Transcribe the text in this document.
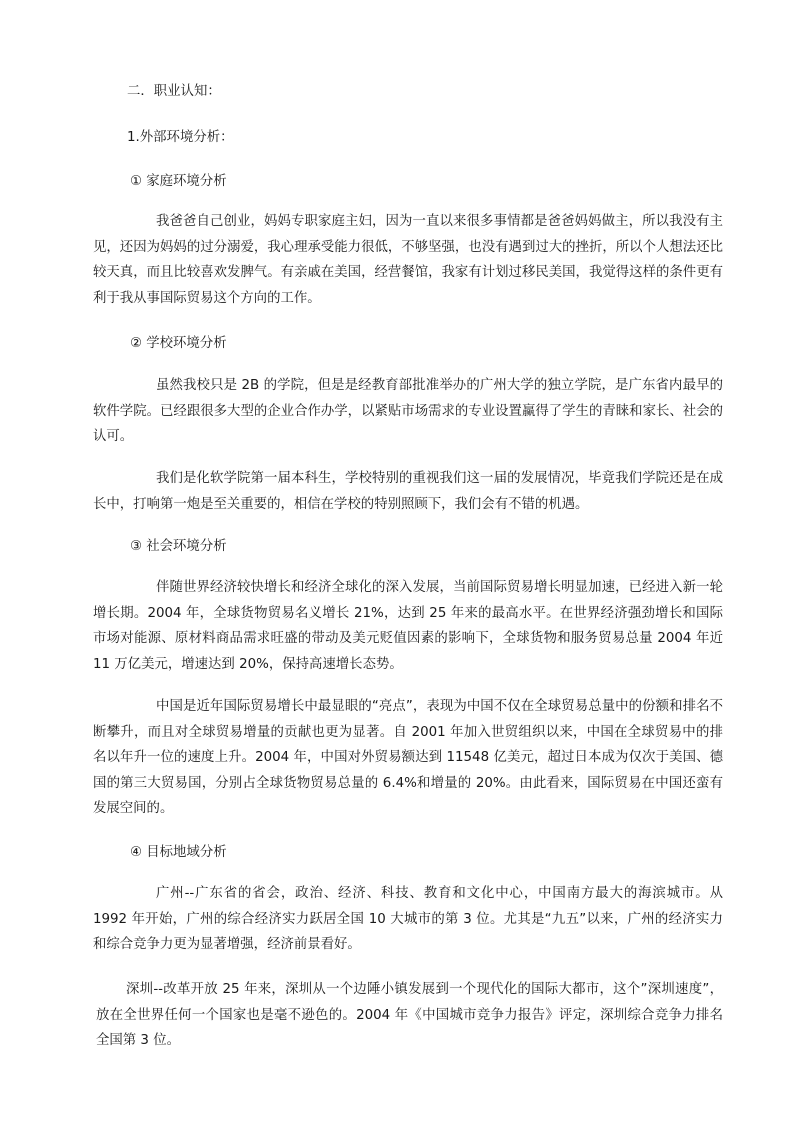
二．职业认知：

1.外部环境分析：

① 家庭环境分析

我爸爸自己创业，妈妈专职家庭主妇，因为一直以来很多事情都是爸爸妈妈做主，所以我没有主见，还因为妈妈的过分溺爱，我心理承受能力很低，不够坚强，也没有遇到过大的挫折，所以个人想法还比较天真，而且比较喜欢发脾气。有亲戚在美国，经营餐馆，我家有计划过移民美国，我觉得这样的条件更有利于我从事国际贸易这个方向的工作。

② 学校环境分析

虽然我校只是 2B 的学院，但是是经教育部批准举办的广州大学的独立学院，是广东省内最早的软件学院。已经跟很多大型的企业合作办学，以紧贴市场需求的专业设置赢得了学生的青睐和家长、社会的认可。

我们是化软学院第一届本科生，学校特别的重视我们这一届的发展情况，毕竟我们学院还是在成长中，打响第一炮是至关重要的，相信在学校的特别照顾下，我们会有不错的机遇。

③ 社会环境分析

伴随世界经济较快增长和经济全球化的深入发展，当前国际贸易增长明显加速，已经进入新一轮增长期。2004 年，全球货物贸易名义增长 21%，达到 25 年来的最高水平。在世界经济强劲增长和国际市场对能源、原材料商品需求旺盛的带动及美元贬值因素的影响下，全球货物和服务贸易总量 2004 年近 11 万亿美元，增速达到 20%，保持高速增长态势。

中国是近年国际贸易增长中最显眼的“亮点”，表现为中国不仅在全球贸易总量中的份额和排名不断攀升，而且对全球贸易增量的贡献也更为显著。自 2001 年加入世贸组织以来，中国在全球贸易中的排名以年升一位的速度上升。2004 年，中国对外贸易额达到 11548 亿美元，超过日本成为仅次于美国、德国的第三大贸易国，分别占全球货物贸易总量的 6.4%和增量的 20%。由此看来，国际贸易在中国还蛮有发展空间的。

④ 目标地域分析

广州--广东省的省会，政治、经济、科技、教育和文化中心，中国南方最大的海滨城市。从 1992 年开始，广州的综合经济实力跃居全国 10 大城市的第 3 位。尤其是“九五”以来，广州的经济实力和综合竞争力更为显著增强，经济前景看好。

深圳--改革开放 25 年来，深圳从一个边陲小镇发展到一个现代化的国际大都市，这个”深圳速度”，放在全世界任何一个国家也是毫不逊色的。2004 年《中国城市竞争力报告》评定，深圳综合竞争力排名全国第 3 位。
